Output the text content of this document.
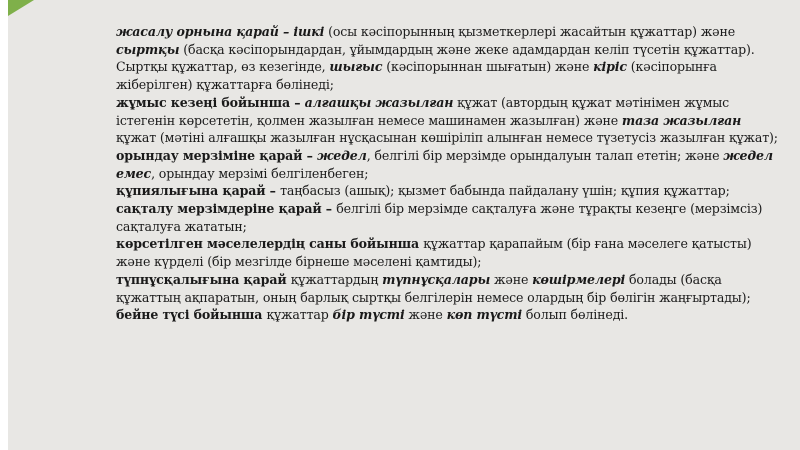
жасалу орнына қарай – ішкі (осы кәсіпорынның қызметкерлері жасайтын құжаттар) және сыртқы (басқа кәсіпорындардан, ұйымдардың және жеке адамдардан келіп түсетін құжаттар). Сыртқы құжаттар, өз кезегінде, шығыс (кәсіпорыннан шығатын) және кіріс (кәсіпорынға жіберілген) құжаттарға бөлінеді;

жұмыс кезеңі бойынша – алғашқы жазылған құжат (автордың құжат мәтінімен жұмыс істегенін көрсететін, қолмен жазылған немесе машинамен жазылған) және таза жазылған құжат (мәтіні алғашқы жазылған нұсқасынан көшіріліп алынған немесе түзетусіз жазылған құжат);

орындау мерзіміне қарай – жедел, белгілі бір мерзімде орындалуын талап ететін; және жедел емес, орындау мерзімі белгіленбеген;

құпиялығына қарай – таңбасыз (ашық); қызмет бабында пайдалану үшін; құпия құжаттар;

сақталу мерзімдеріне қарай – белгілі бір мерзімде сақталуға және тұрақты кезеңге (мерзімсіз) сақталуға жататын;

көрсетілген мәселелердің саны бойынша құжаттар қарапайым (бір ғана мәселеге қатысты) және күрделі (бір мезгілде бірнеше мәселені қамтиды);

түпнұсқалығына қарай құжаттардың түпнұсқалары және көшірмелері болады (басқа құжаттың ақпаратын, оның барлық сыртқы белгілерін немесе олардың бір бөлігін жаңғыртады);

бейне түсі бойынша құжаттар бір түсті және көп түсті болып бөлінеді.
